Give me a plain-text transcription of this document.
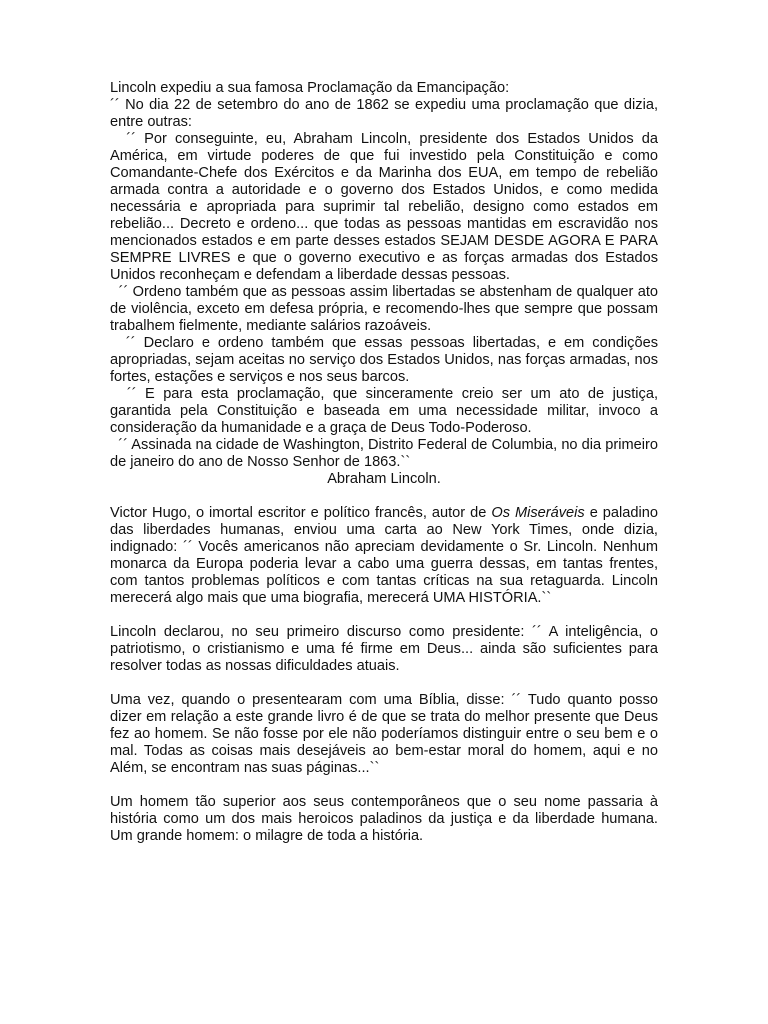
Lincoln expediu a sua famosa Proclamação da Emancipação:

´´ No dia 22 de setembro do ano de 1862 se expediu uma proclamação que dizia, entre outras:

´´ Por conseguinte, eu, Abraham Lincoln, presidente dos Estados Unidos da América, em virtude poderes de que fui investido pela Constituição e como Comandante-Chefe dos Exércitos e da Marinha dos EUA, em tempo de rebelião armada contra a autoridade e o governo dos Estados Unidos, e como medida necessária e apropriada para suprimir tal rebelião, designo como estados em rebelião... Decreto e ordeno... que todas as pessoas mantidas em escravidão nos mencionados estados e em parte desses estados SEJAM DESDE AGORA E PARA SEMPRE LIVRES e que o governo executivo e as forças armadas dos Estados Unidos reconheçam e defendam a liberdade dessas pessoas.

´´ Ordeno também que as pessoas assim libertadas se abstenham de qualquer ato de violência, exceto em defesa própria, e recomendo-lhes que sempre que possam trabalhem fielmente, mediante salários razoáveis.

´´ Declaro e ordeno também que essas pessoas libertadas, e em condições apropriadas, sejam aceitas no serviço dos Estados Unidos, nas forças armadas, nos fortes, estações e serviços e nos seus barcos.

´´ E para esta proclamação, que sinceramente creio ser um ato de justiça, garantida pela Constituição e baseada em uma necessidade militar, invoco a consideração da humanidade e a graça de Deus Todo-Poderoso.

´´ Assinada na cidade de Washington, Distrito Federal de Columbia, no dia primeiro de janeiro do ano de Nosso Senhor de 1863.``

Abraham Lincoln.

Victor Hugo, o imortal escritor e político francês, autor de Os Miseráveis e paladino das liberdades humanas, enviou uma carta ao New York Times, onde dizia, indignado: ´´ Vocês americanos não apreciam devidamente o Sr. Lincoln. Nenhum monarca da Europa poderia levar a cabo uma guerra dessas, em tantas frentes, com tantos problemas políticos e com tantas críticas na sua retaguarda. Lincoln merecerá algo mais que uma biografia, merecerá UMA HISTÓRIA.``

Lincoln declarou, no seu primeiro discurso como presidente: ´´ A inteligência, o patriotismo, o cristianismo e uma fé firme em Deus... ainda são suficientes para resolver todas as nossas dificuldades atuais.

Uma vez, quando o presentearam com uma Bíblia, disse: ´´ Tudo quanto posso dizer em relação a este grande livro é de que se trata do melhor presente que Deus fez ao homem. Se não fosse por ele não poderíamos distinguir entre o seu bem e o mal. Todas as coisas mais desejáveis ao bem-estar moral do homem, aqui e no Além, se encontram nas suas páginas...``

Um homem tão superior aos seus contemporâneos que o seu nome passaria à história como um dos mais heroicos paladinos da justiça e da liberdade humana. Um grande homem: o milagre de toda a história.
